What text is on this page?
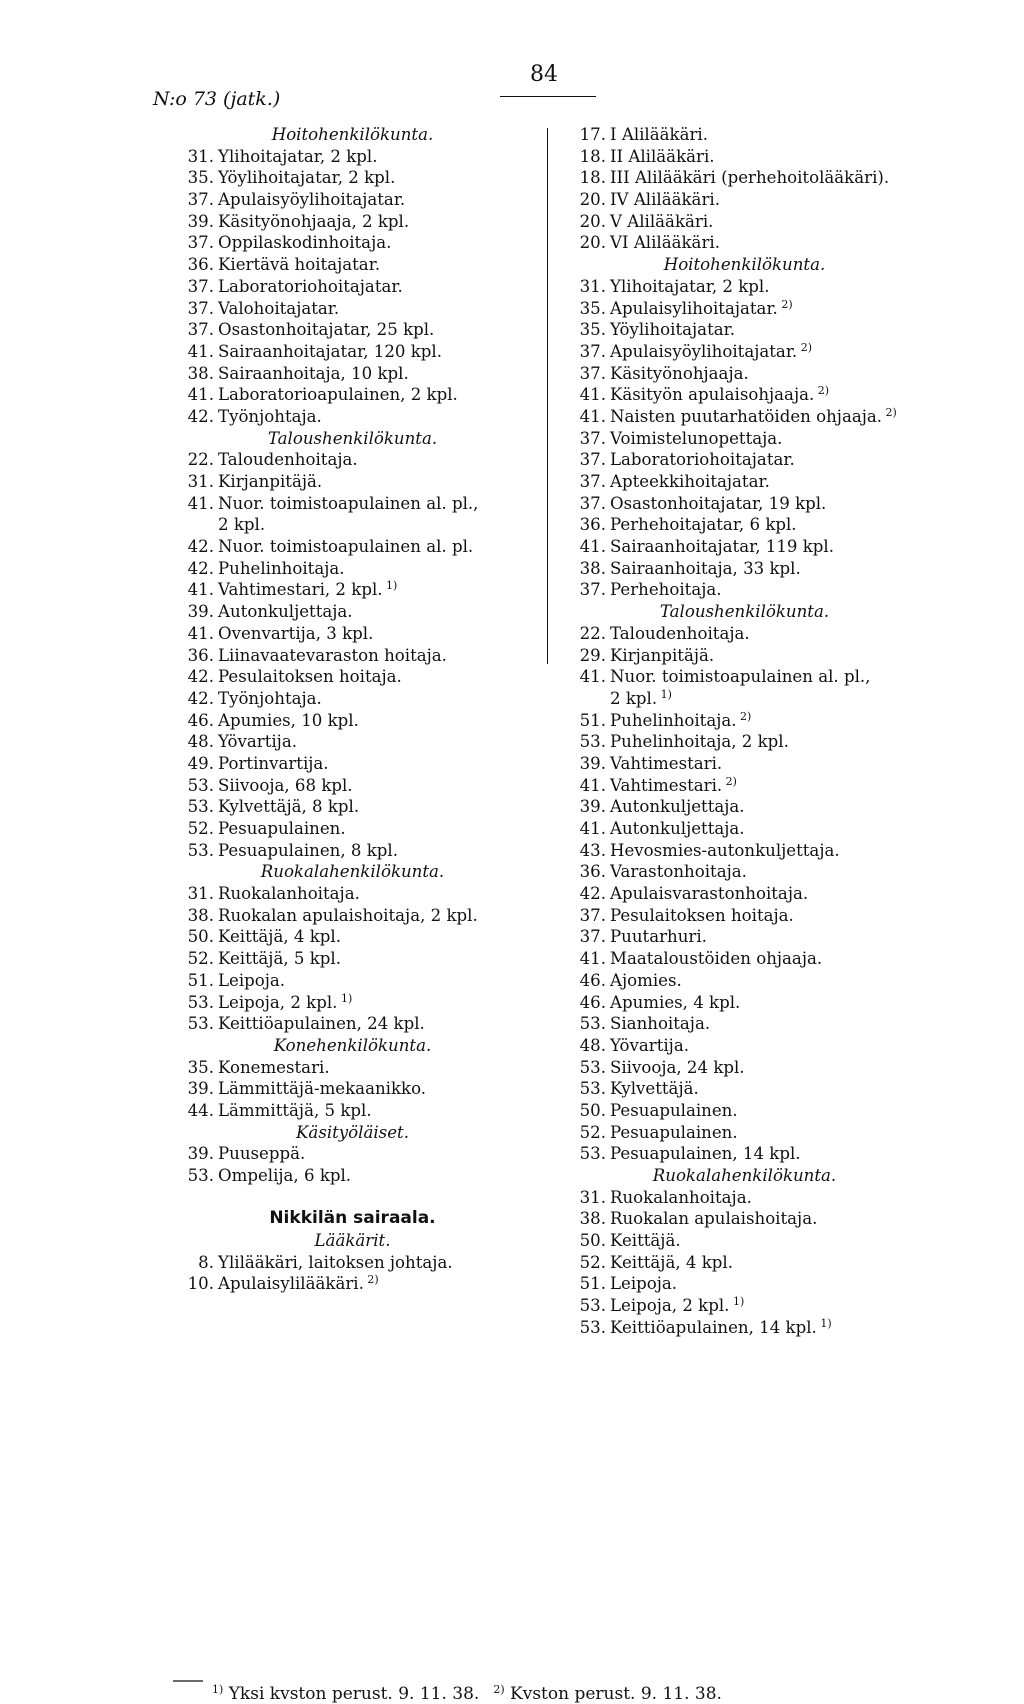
N:o 73 (jatk.)
84
Hoitohenkilökunta.
31. Ylihoitajatar, 2 kpl.
35. Yöylihoitajatar, 2 kpl.
37. Apulaisyöylihoitajatar.
39. Käsityönohjaaja, 2 kpl.
37. Oppilaskodinhoitaja.
36. Kiertävä hoitajatar.
37. Laboratoriohoitajatar.
37. Valohoitajatar.
37. Osastonhoitajatar, 25 kpl.
41. Sairaanhoitajatar, 120 kpl.
38. Sairaanhoitaja, 10 kpl.
41. Laboratorioapulainen, 2 kpl.
42. Työnjohtaja.
Taloushenkilökunta.
22. Taloudenhoitaja.
31. Kirjanpitäjä.
41. Nuor. toimistoapulainen al. pl.,
2 kpl.
42. Nuor. toimistoapulainen al. pl.
42. Puhelinhoitaja.
41. Vahtimestari, 2 kpl. $^{1)}$
39. Autonkuljettaja.
41. Ovenvartija, 3 kpl.
36. Liinavaatevaraston hoitaja.
42. Pesulaitoksen hoitaja.
42. Työnjohtaja.
46. Apumies, 10 kpl.
48. Yövartija.
49. Portinvartija.
53. Siivooja, 68 kpl.
53. Kylvettäjä, 8 kpl.
52. Pesuapulainen.
53. Pesuapulainen, 8 kpl.
Ruokalahenkilökunta.
31. Ruokalanhoitaja.
38. Ruokalan apulaishoitaja, 2 kpl.
50. Keittäjä, 4 kpl.
52. Keittäjä, 5 kpl.
51. Leipoja.
53. Leipoja, 2 kpl. $^{1)}$
53. Keittiöapulainen, 24 kpl.
Konehenkilökunta.
35. Konemestari.
39. Lämmittäjä-mekaanikko.
44. Lämmittäjä, 5 kpl.
Käsityöläiset.
39. Puuseppä.
53. Ompelija, 6 kpl.
Nikkilän sairaala.
Lääkärit.
8. Ylilääkäri, laitoksen johtaja.
10. Apulaisylilääkäri. $^{2)}$
17. I Alilääkäri.
18. II Alilääkäri.
18. III Alilääkäri (perhehoitolääkäri).
20. IV Alilääkäri.
20. V Alilääkäri.
20. VI Alilääkäri.
Hoitohenkilökunta.
31. Ylihoitajatar, 2 kpl.
35. Apulaisylihoitajatar. $^{2)}$
35. Yöylihoitajatar.
37. Apulaisyöylihoitajatar. $^{2)}$
37. Käsityönohjaaja.
41. Käsityön apulaisohjaaja. $^{2)}$
41. Naisten puutarhatöiden ohjaaja. $^{2)}$
37. Voimistelunopettaja.
37. Laboratoriohoitajatar.
37. Apteekkihoitajatar.
37. Osastonhoitajatar, 19 kpl.
36. Perhehoitajatar, 6 kpl.
41. Sairaanhoitajatar, 119 kpl.
38. Sairaanhoitaja, 33 kpl.
37. Perhehoitaja.
Taloushenkilökunta.
22. Taloudenhoitaja.
29. Kirjanpitäjä.
41. Nuor. toimistoapulainen al. pl.,
2 kpl. $^{1)}$
51. Puhelinhoitaja. $^{2)}$
53. Puhelinhoitaja, 2 kpl.
39. Vahtimestari.
41. Vahtimestari. $^{2)}$
39. Autonkuljettaja.
41. Autonkuljettaja.
43. Hevosmies-autonkuljettaja.
36. Varastonhoitaja.
42. Apulaisvarastonhoitaja.
37. Pesulaitoksen hoitaja.
37. Puutarhuri.
41. Maataloustöiden ohjaaja.
46. Ajomies.
46. Apumies, 4 kpl.
53. Sianhoitaja.
48. Yövartija.
53. Siivooja, 24 kpl.
53. Kylvettäjä.
50. Pesuapulainen.
52. Pesuapulainen.
53. Pesuapulainen, 14 kpl.
Ruokalahenkilökunta.
31. Ruokalanhoitaja.
38. Ruokalan apulaishoitaja.
50. Keittäjä.
52. Keittäjä, 4 kpl.
51. Leipoja.
53. Leipoja, 2 kpl. $^{1)}$
53. Keittiöapulainen, 14 kpl. $^{1)}$
$^{1)}$ Yksi kvston perust. 9. 11. 38. $^{2)}$ Kvston perust. 9. 11. 38.
